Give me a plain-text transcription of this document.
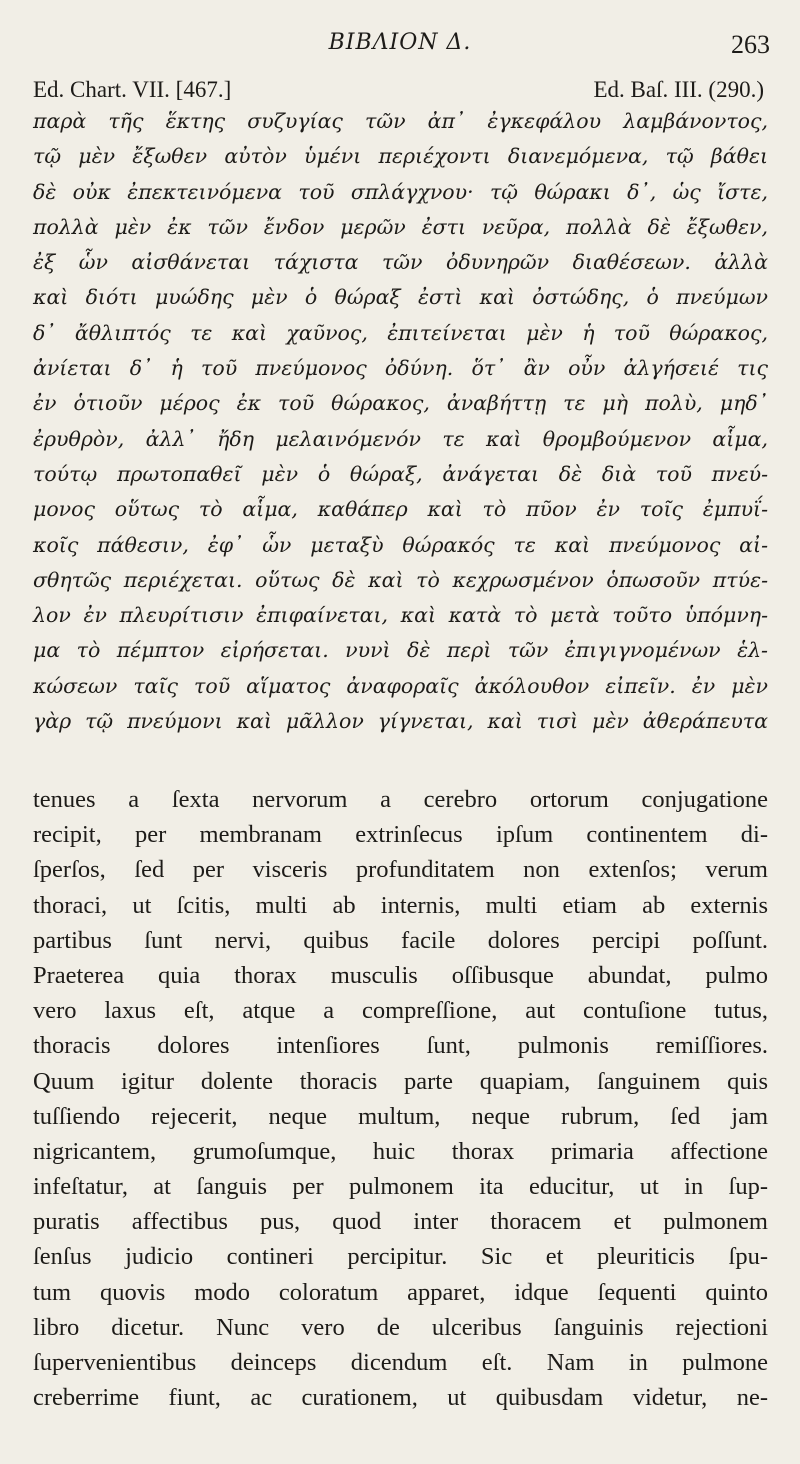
ΒΙΒΛΙΟΝ Δ.	263
Ed. Chart. VII. [467.]	Ed. Baſ. III. (290.)
παρὰ τῆς ἕκτης συζυγίας τῶν ἀπ᾿ ἐγκεφάλου λαμβάνοντος,
τῷ μὲν ἔξωθεν αὐτὸν ὑμένι περιέχοντι διανεμόμενα, τῷ βάθει
δὲ οὐκ ἐπεκτεινόμενα τοῦ σπλάγχνου· τῷ θώρακι δ᾿, ὡς ἴστε,
πολλὰ μὲν ἐκ τῶν ἔνδον μερῶν ἐστι νεῦρα, πολλὰ δὲ ἔξωθεν,
ἐξ ὧν αἰσθάνεται τάχιστα τῶν ὀδυνηρῶν διαθέσεων. ἀλλὰ
καὶ διότι μυώδης μὲν ὁ θώραξ ἐστὶ καὶ ὀστώδης, ὁ πνεύμων
δ᾿ ἄθλιπτός τε καὶ χαῦνος, ἐπιτείνεται μὲν ἡ τοῦ θώρακος,
ἀνίεται δ᾿ ἡ τοῦ πνεύμονος ὀδύνη. ὅτ᾿ ἂν οὖν ἀλγήσειέ τις
ἐν ὁτιοῦν μέρος ἐκ τοῦ θώρακος, ἀναβήττῃ τε μὴ πολὺ, μηδ᾿
ἐρυθρὸν, ἀλλ᾿ ἤδη μελαινόμενόν τε καὶ θρομβούμενον αἷμα,
τούτῳ πρωτοπαθεῖ μὲν ὁ θώραξ, ἀνάγεται δὲ διὰ τοῦ πνεύ-
μονος οὕτως τὸ αἷμα, καθάπερ καὶ τὸ πῦον ἐν τοῖς ἐμπυΐ-
κοῖς πάθεσιν, ἐφ᾿ ὧν μεταξὺ θώρακός τε καὶ πνεύμονος αἰ-
σθητῶς περιέχεται. οὕτως δὲ καὶ τὸ κεχρωσμένον ὁπωσοῦν πτύε-
λον ἐν πλευρίτισιν ἐπιφαίνεται, καὶ κατὰ τὸ μετὰ τοῦτο ὑπόμνη-
μα τὸ πέμπτον εἰρήσεται. νυνὶ δὲ περὶ τῶν ἐπιγιγνομένων ἑλ-
κώσεων ταῖς τοῦ αἵματος ἀναφοραῖς ἀκόλουθον εἰπεῖν. ἐν μὲν
γὰρ τῷ πνεύμονι καὶ μᾶλλον γίγνεται, καὶ τισὶ μὲν ἀθεράπευτα
tenues a ſexta nervorum a cerebro ortorum conjugatione
recipit, per membranam extrinſecus ipſum continentem di-
ſperſos, ſed per visceris profunditatem non extenſos; verum
thoraci, ut ſcitis, multi ab internis, multi etiam ab externis
partibus ſunt nervi, quibus facile dolores percipi poſſunt.
Praeterea quia thorax musculis oſſibusque abundat, pulmo
vero laxus eſt, atque a compreſſione, aut contuſione tutus,
thoracis dolores intenſiores ſunt, pulmonis remiſſiores.
Quum igitur dolente thoracis parte quapiam, ſanguinem quis
tuſſiendo rejecerit, neque multum, neque rubrum, ſed jam
nigricantem, grumoſumque, huic thorax primaria affectione
infeſtatur, at ſanguis per pulmonem ita educitur, ut in ſup-
puratis affectibus pus, quod inter thoracem et pulmonem
ſenſus judicio contineri percipitur. Sic et pleuriticis ſpu-
tum quovis modo coloratum apparet, idque ſequenti quinto
libro dicetur. Nunc vero de ulceribus ſanguinis rejectioni
ſupervenientibus deinceps dicendum eſt. Nam in pulmone
creberrime fiunt, ac curationem, ut quibusdam videtur, ne-
